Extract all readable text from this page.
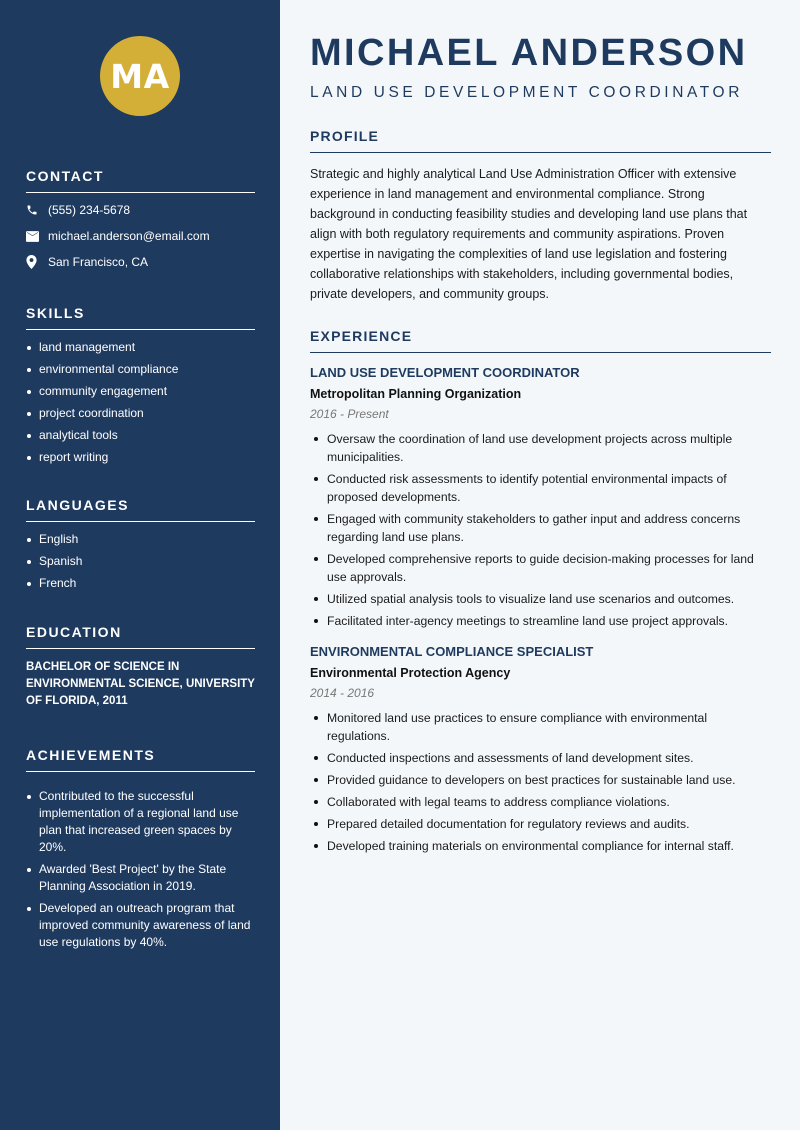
MA
CONTACT
(555) 234-5678
michael.anderson@email.com
San Francisco, CA
SKILLS
land management
environmental compliance
community engagement
project coordination
analytical tools
report writing
LANGUAGES
English
Spanish
French
EDUCATION
BACHELOR OF SCIENCE IN ENVIRONMENTAL SCIENCE, UNIVERSITY OF FLORIDA, 2011
ACHIEVEMENTS
Contributed to the successful implementation of a regional land use plan that increased green spaces by 20%.
Awarded 'Best Project' by the State Planning Association in 2019.
Developed an outreach program that improved community awareness of land use regulations by 40%.
MICHAEL ANDERSON
LAND USE DEVELOPMENT COORDINATOR
PROFILE
Strategic and highly analytical Land Use Administration Officer with extensive experience in land management and environmental compliance. Strong background in conducting feasibility studies and developing land use plans that align with both regulatory requirements and community aspirations. Proven expertise in navigating the complexities of land use legislation and fostering collaborative relationships with stakeholders, including governmental bodies, private developers, and community groups.
EXPERIENCE
LAND USE DEVELOPMENT COORDINATOR
Metropolitan Planning Organization
2016 - Present
Oversaw the coordination of land use development projects across multiple municipalities.
Conducted risk assessments to identify potential environmental impacts of proposed developments.
Engaged with community stakeholders to gather input and address concerns regarding land use plans.
Developed comprehensive reports to guide decision-making processes for land use approvals.
Utilized spatial analysis tools to visualize land use scenarios and outcomes.
Facilitated inter-agency meetings to streamline land use project approvals.
ENVIRONMENTAL COMPLIANCE SPECIALIST
Environmental Protection Agency
2014 - 2016
Monitored land use practices to ensure compliance with environmental regulations.
Conducted inspections and assessments of land development sites.
Provided guidance to developers on best practices for sustainable land use.
Collaborated with legal teams to address compliance violations.
Prepared detailed documentation for regulatory reviews and audits.
Developed training materials on environmental compliance for internal staff.
